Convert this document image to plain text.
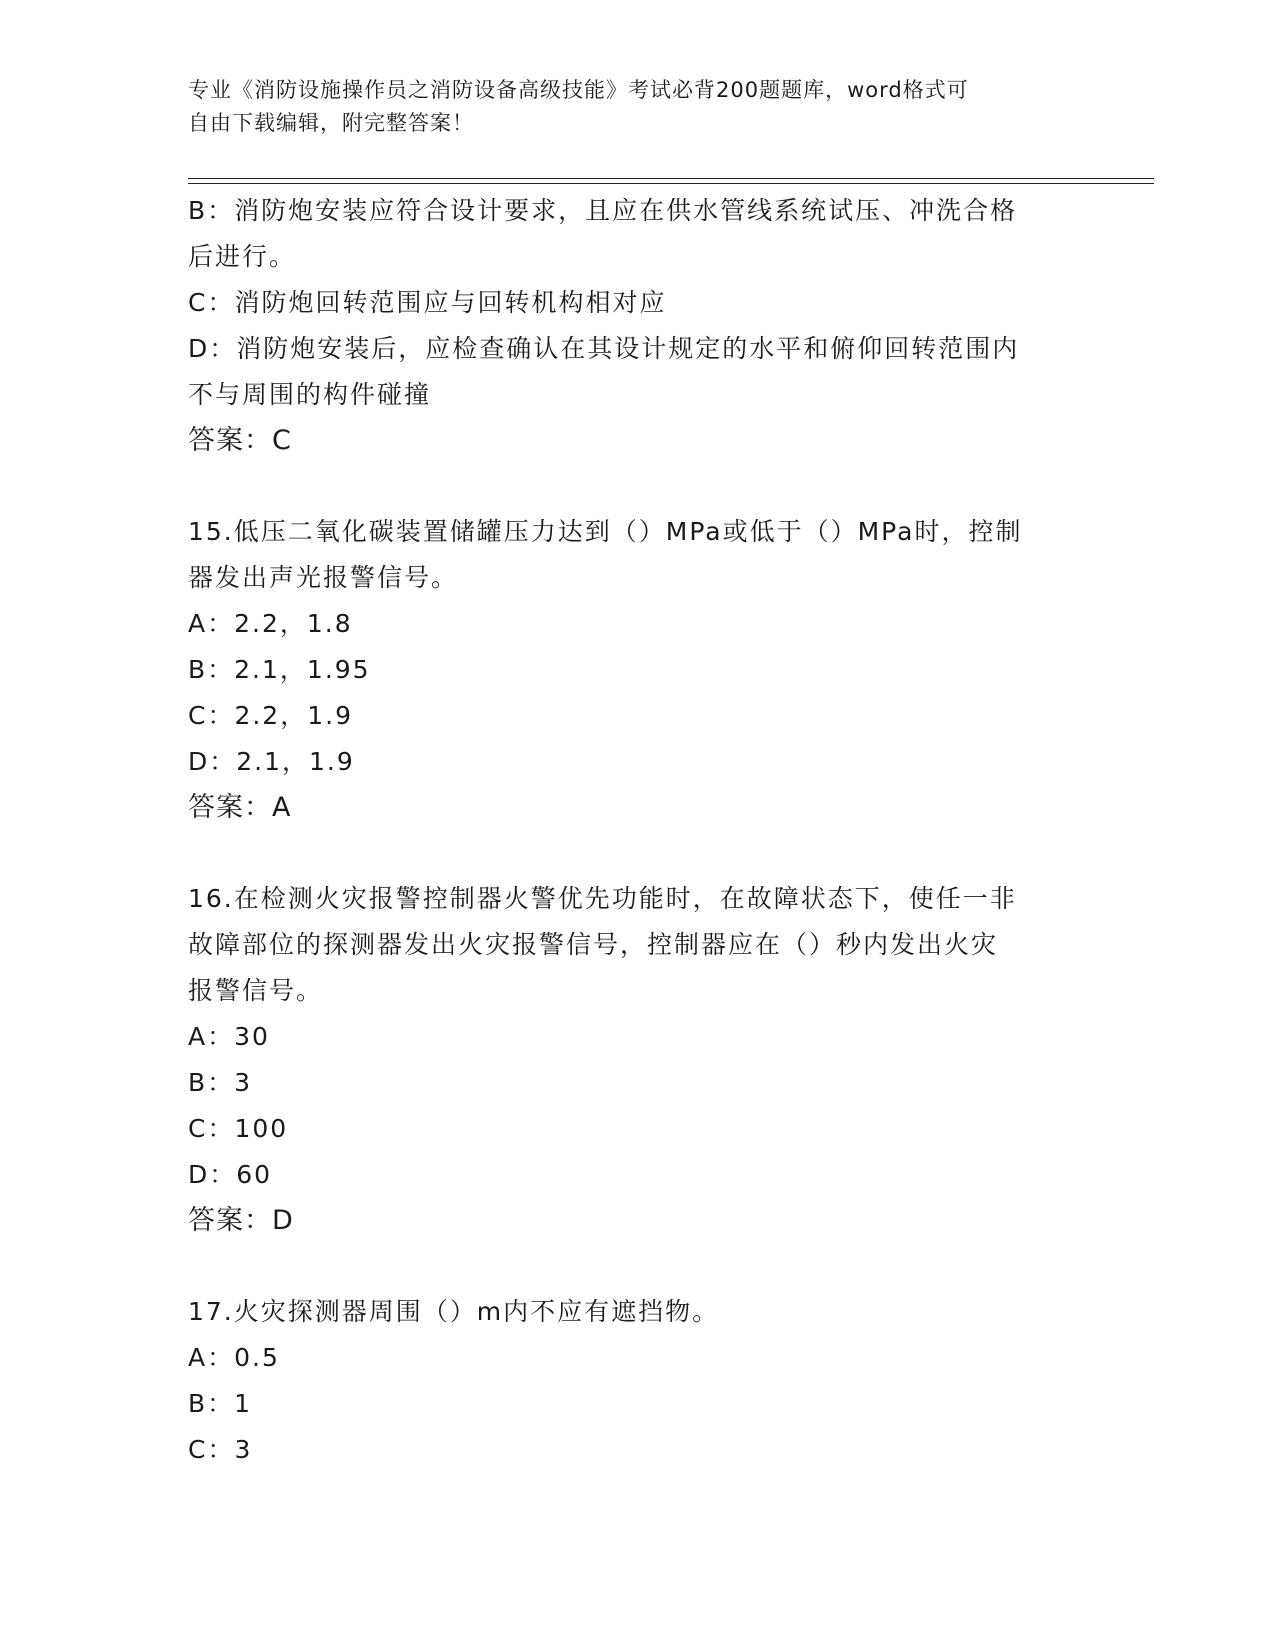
专业《消防设施操作员之消防设备高级技能》考试必背200题题库，word格式可
自由下载编辑，附完整答案！
B：消防炮安装应符合设计要求，且应在供水管线系统试压、冲洗合格
后进行。
C：消防炮回转范围应与回转机构相对应
D：消防炮安装后，应检查确认在其设计规定的水平和俯仰回转范围内
不与周围的构件碰撞
答案：C
15.低压二氧化碳装置储罐压力达到（）MPa或低于（）MPa时，控制
器发出声光报警信号。
A：2.2，1.8
B：2.1，1.95
C：2.2，1.9
D：2.1，1.9
答案：A
16.在检测火灾报警控制器火警优先功能时，在故障状态下，使任一非
故障部位的探测器发出火灾报警信号，控制器应在（）秒内发出火灾
报警信号。
A：30
B：3
C：100
D：60
答案：D
17.火灾探测器周围（）m内不应有遮挡物。
A：0.5
B：1
C：3
